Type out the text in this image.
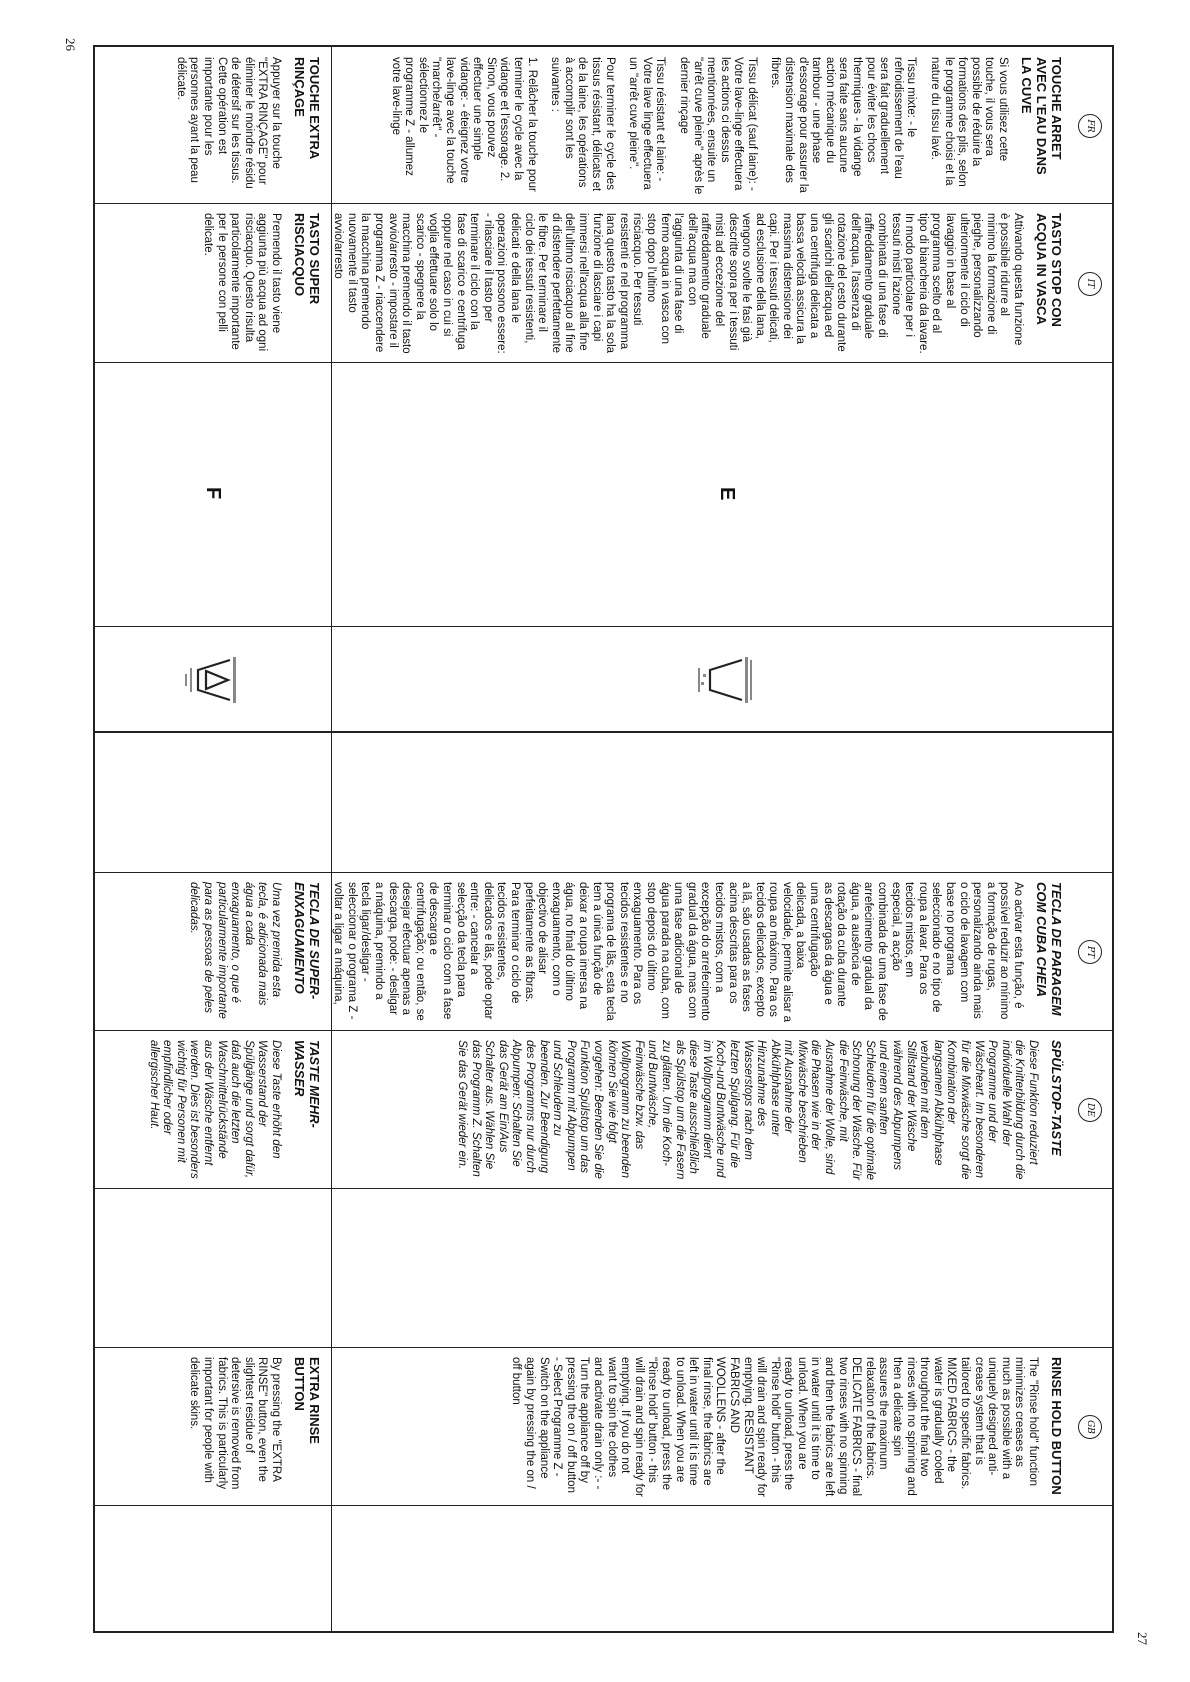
26
27
FR
TOUCHE ARRET AVEC L'EAU DANS LA CUVE

Si vous utilisez cette touche, il vous sera possible de réduire la formations des plis, selon le programme choisi et la nature du tissu lavé.

Tissu mixte: - le refroidissement de l'eau sera fait graduellement pour éviter les chocs thermiques - la vidange sera faite sans aucune action mécanique du tambour - une phase d'essorage pour assurer la distension maximale des fibres.

Tissu délicat (sauf laine): - Votre lave-linge effectuera les actions ci dessus mentionnées, ensuite un "arrêt cuve pleine" après le dernier rinçage

Tissu résistant et laine: - Votre lave linge effectuera un "arrêt cuve pleine".

Pour terminer le cycle des tissus résistant, délicats et de la laine, les opérations à accomplir sont les suivantes :

1. Relâcher la touche pour terminer le cycle avec la vidange et l'essorage. 2. Sinon, vous pouvez effectuer une simple vidange: - éteignez votre lave-linge avec la touche "marche/arrêt" - sélectionnez le programme Z - allumez votre lave-linge

IT
TASTO STOP CON ACQUA IN VASCA

Attivando questa funzione è possibile ridurre al minimo la formazione di pieghe, personalizzando ulteriormente il ciclo di lavaggio in base al programma scelto ed al tipo di biancheria da lavare. In modo particolare per i tessuti misti l'azione combinata di una fase di raffreddamento graduale dell'acqua, l'assenza di rotazione del cesto durante gli scarichi dell'acqua ed una centrifuga delicata a bassa velocità assicura la massima distensione dei capi. Per i tessuti delicati, ad esclusione della lana, vengono svolte le fasi già descritte sopra per i tessuti misti ad eccezione del raffreddamento graduale dell'acqua ma con l'aggiunta di una fase di fermo acqua in vasca con stop dopo l'ultimo risciacquo. Per tessuti resistenti e nel programma lana questo tasto ha la sola funzione di lasciare i capi immersi nell'acqua alla fine dell'ultimo risciacquo al fine di distendere perfettamente le fibre. Per terminare il ciclo dei tessuti resistenti, delicati e della lana le operazioni possono essere: - rilasciare il tasto per terminare il ciclo con la fase di scarico e centrifuga oppure nel caso in cui si voglia effettuare solo lo scarico - spegnere la macchina premendo il tasto avvio/arresto - impostare il programma Z - riaccendere la macchina premendo nuovamente il tasto avvio/arresto

E
PT
TECLA DE PARAGEM COM CUBA CHEIA

Ao activar esta função, é possível reduzir ao mínimo a formação de rugas, personalizando ainda mais o ciclo de lavagem com base no programa seleccionado e no tipo de roupa a lavar. Para os tecidos mistos, em especial, a acção combinada de uma fase de arrefecimento gradual da água, a ausência de rotação da cuba durante as descargas da água e uma centrifugação delicada, a baixa velocidade, permite alisar a roupa ao máximo. Para os tecidos delicados, excepto a lã, são usadas as fases acima descritas para os tecidos mistos, com a excepção do arrefecimento gradual da água, mas com uma fase adicional de água parada na cuba, com stop depois do último enxaguamento. Para os tecidos resistentes e no programa de lãs, esta tecla tem a única função de deixar a roupa imersa na água, no final do último enxaguamento, com o objectivo de alisar perfeitamente as fibras. Para terminar o ciclo de tecidos resistentes, delicados e lãs, pode optar entre: - cancelar a selecção da tecla para terminar o ciclo com a fase de descarga e centrifugação; ou então, se desejar efectuar apenas a descarga, pode: - desligar a máquina, premindo a tecla ligar/desligar - seleccionar o programa Z - voltar a ligar a máquina,

DE
SPÜLSTOP-TASTE

Diese Funktion reduziert die Knitterbildung durch die individuelle Wahl der Programme und der Wäscheart. Im besonderen für die Mixwäsche sorgt die Kombination der langsamen Abkühlphase verbunden mit dem Stillstand der Wäsche während des Abpumpens und einem sanften Schleudern für die optimale Schonung der Wäsche. Für die Feinwäsche, mit Ausnahme der Wolle, sind die Phasen wie in der Mixwäsche beschrieben mit Ausnahme der Abkühlphase unter Hinzunahme des Wasserstops nach dem letzten Spülgang. Für die Koch-und Buntwäsche und im Wollprogramm dient diese Taste ausschließlich als Spülstop um die Fasern zu glätten. Um die Koch-und Buntwäsche, Feinwäsche bzw. das Wollprogramm zu beenden können Sie wie folgt vorgehen: Beenden Sie die Funktion Spülstop um das Programm mit Abpumpen und Schleudern zu beenden. Zur Beendigung des Programms nur durch Abpumpen: Schalten Sie das Gerät am Ein/Aus Schalter aus. Wählen Sie das Programm Z. Schalten Sie das Gerät wieder ein.

GB
RINSE HOLD BUTTON

The "Rinse hold" function minimizes creases as much as possible with a uniquely designed anti-crease system that is tailored to specific fabrics. MIXED FABRICS - the water is gradually cooled throughout the final two rinses with no spinning and then a delicate spin assures the maximum relaxation of the fabrics. DELICATE FABRICS - final two rinses with no spinning and then the fabrics are left in water until it is time to unload. When you are ready to unload, press the "Rinse hold" button - this will drain and spin ready for emptying. RESISTANT FABRICS AND WOOLLENS - after the final rinse, the fabrics are left in water until it is time to unload. When you are ready to unload, press the "Rinse hold" button - this will drain and spin ready for emptying. If you do not want to spin the clothes and activate drain only :- - Turn the appliance off by pressing the on / off button - Select Programme Z - Switch on the appliance again by pressing the on / off button

TOUCHE EXTRA RINÇAGE

Appuyer sur la touche "EXTRA RINÇAGE" pour éliminer le moindre résidu de détersif sur les tissus. Cette opération est importante pour les personnes ayant la peau délicate.

TASTO SUPER RISCIACQUO

Premendo il tasto viene aggiunta più acqua ad ogni risciacquo. Questo risulta particolarmente importante per le persone con pelli delicate.

F
TECLA DE SUPER-ENXAGUAMENTO

Uma vez premida esta tecla, é adicionada mais água a cada enxaguamento, o que é particularmente importante para as pessoas de peles delicadas.

TASTE MEHR-WASSER

Diese Taste erhöht den Wasserstand der Spülgänge und sorgt dafür, daß auch die letzten Waschmittelrückstände aus der Wäsche entfernt werden. Dies ist besonders wichtig für Personen mit empfindlicher oder allergischer Haut.

EXTRA RINSE BUTTON

By pressing the "EXTRA RINSE" button, even the slightest residue of detersive is removed from fabrics. This is particularly important for people with delicate skins.
